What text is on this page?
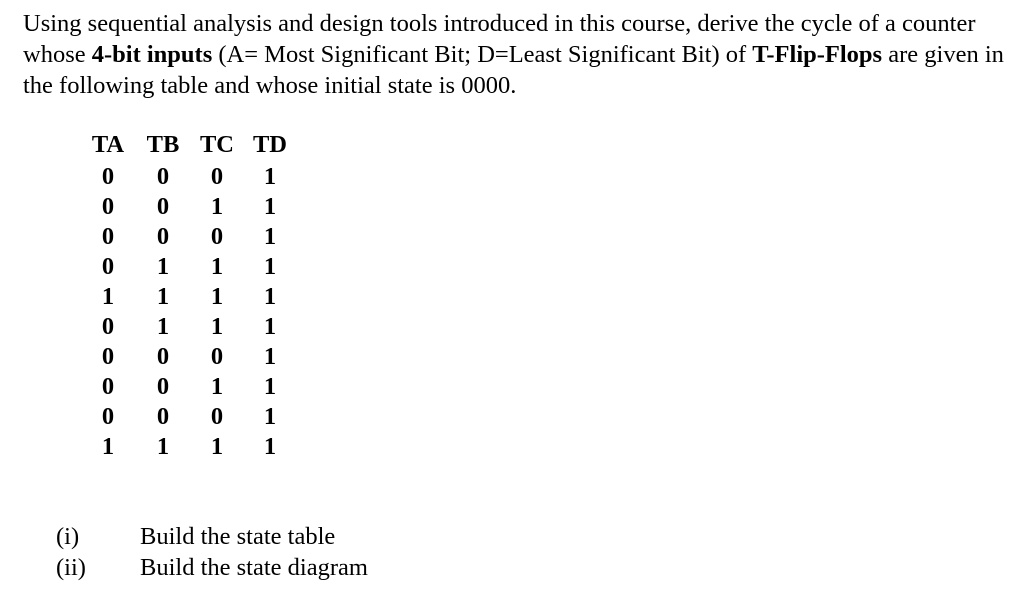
Using sequential analysis and design tools introduced in this course, derive the cycle of a counter whose 4-bit inputs (A= Most Significant Bit; D=Least Significant Bit) of T-Flip-Flops are given in the following table and whose initial state is 0000.
TA	TB	TC	TD
0	0	0	1
0	0	1	1
0	0	0	1
0	1	1	1
1	1	1	1
0	1	1	1
0	0	0	1
0	0	1	1
0	0	0	1
1	1	1	1
(i)	Build the state table
(ii)	Build the state diagram
